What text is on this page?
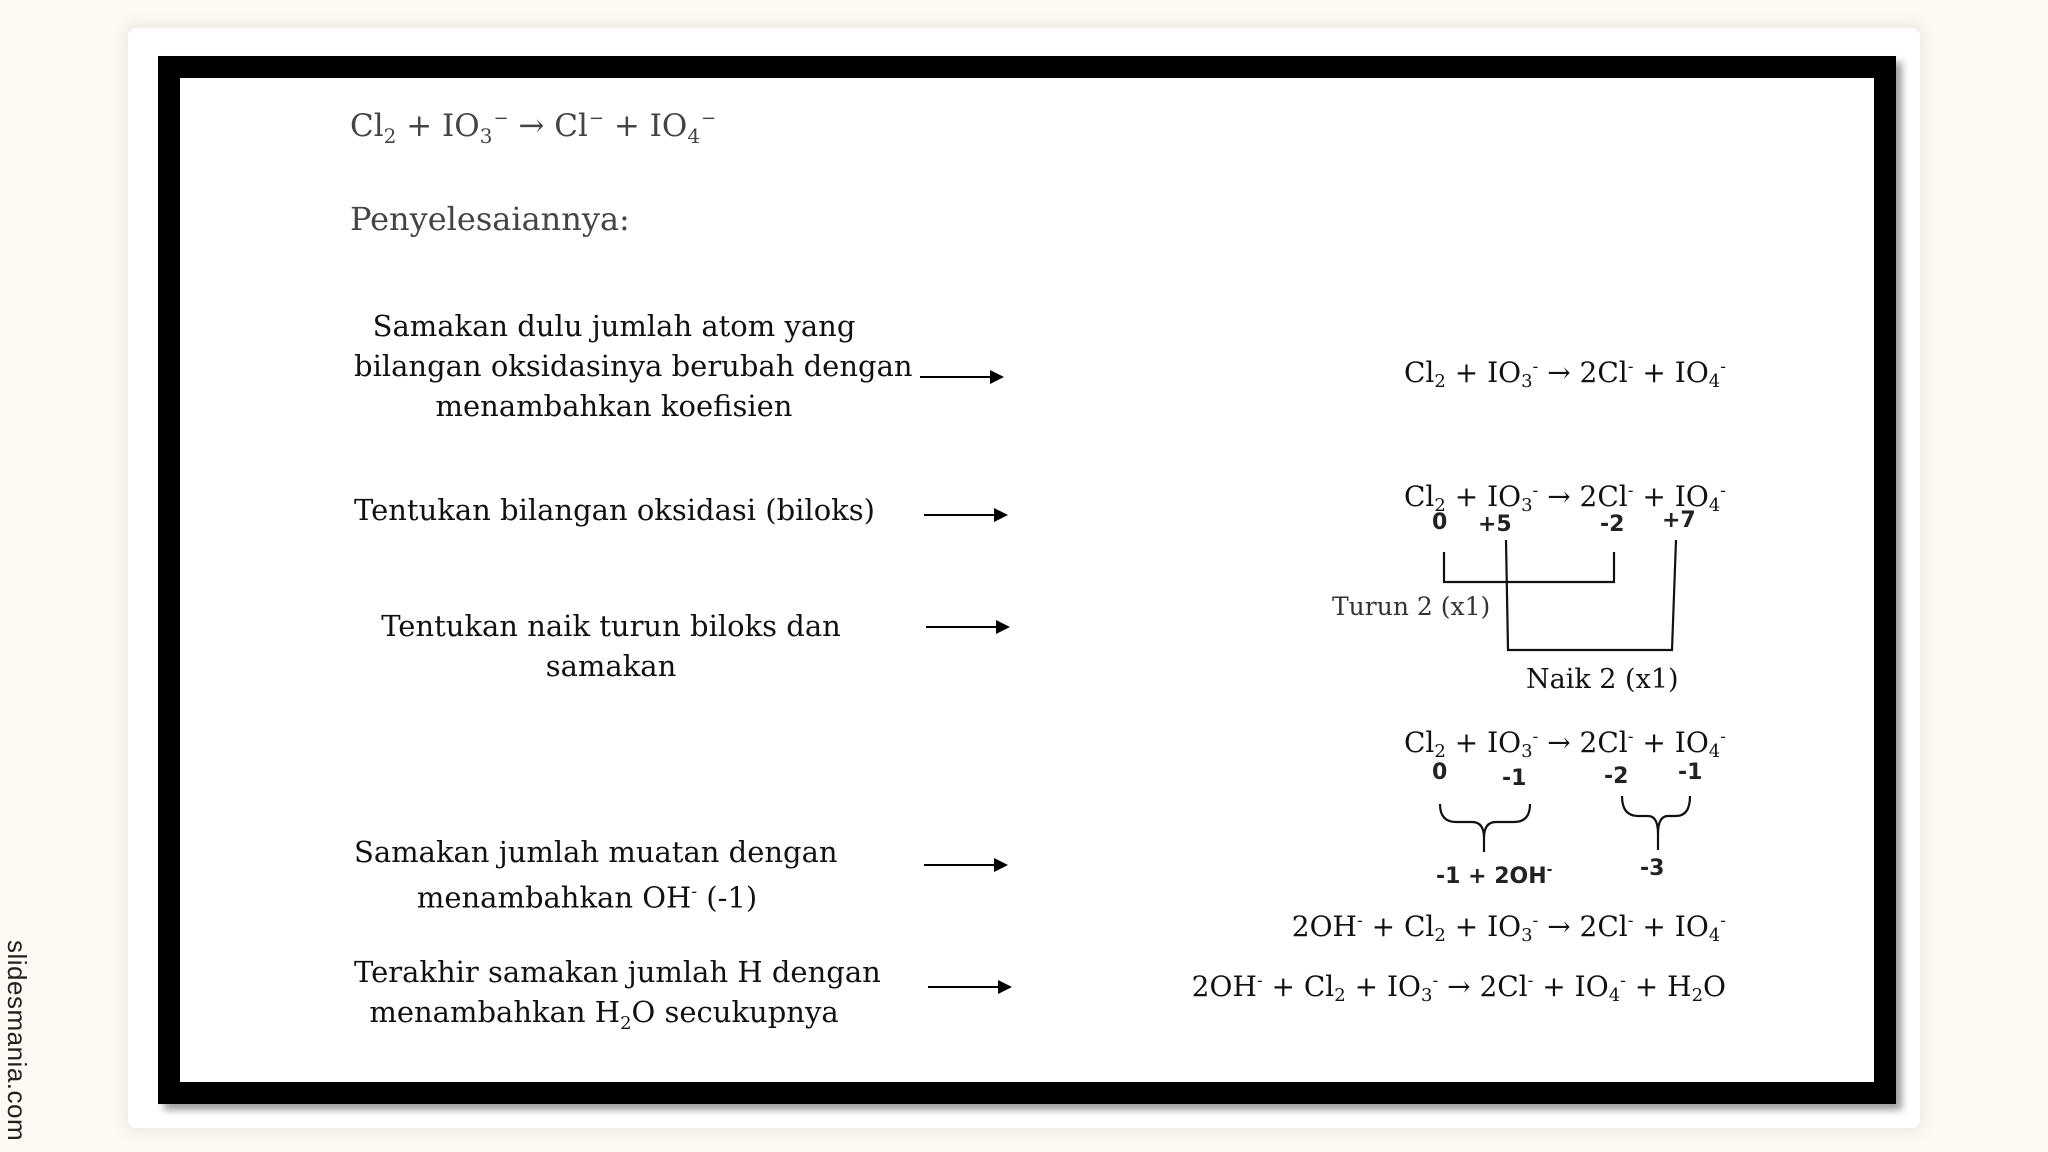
slidesmania.com
$Cl_2 + IO_3^- \to Cl^- + IO_4^-$
Penyelesaiannya:
Samakan dulu jumlah atom yang
bilangan oksidasinya berubah dengan
menambahkan koefisien
Tentukan bilangan oksidasi (biloks)
Tentukan naik turun biloks dan
samakan
Samakan jumlah muatan dengan
menambahkan OH- (-1)
Terakhir samakan jumlah H dengan
menambahkan $H_2O$ secukupnya
$Cl_2 + IO_3^- \to 2Cl^- + IO_4^-$
$Cl_2 + IO_3^- \to 2Cl^- + IO_4^-$
0 +5	-2 +7
Turun 2 (x1)
Naik 2 (x1)
$Cl_2 + IO_3^- \to 2Cl^- + IO_4^-$
0 -1	-2 -1
-1 + 2OH-	-3
$2OH^- + Cl_2 + IO_3^- \to 2Cl^- + IO_4^-$
$2OH^- + Cl_2 + IO_3^- \to 2Cl^- + IO_4^- + H_2O$
